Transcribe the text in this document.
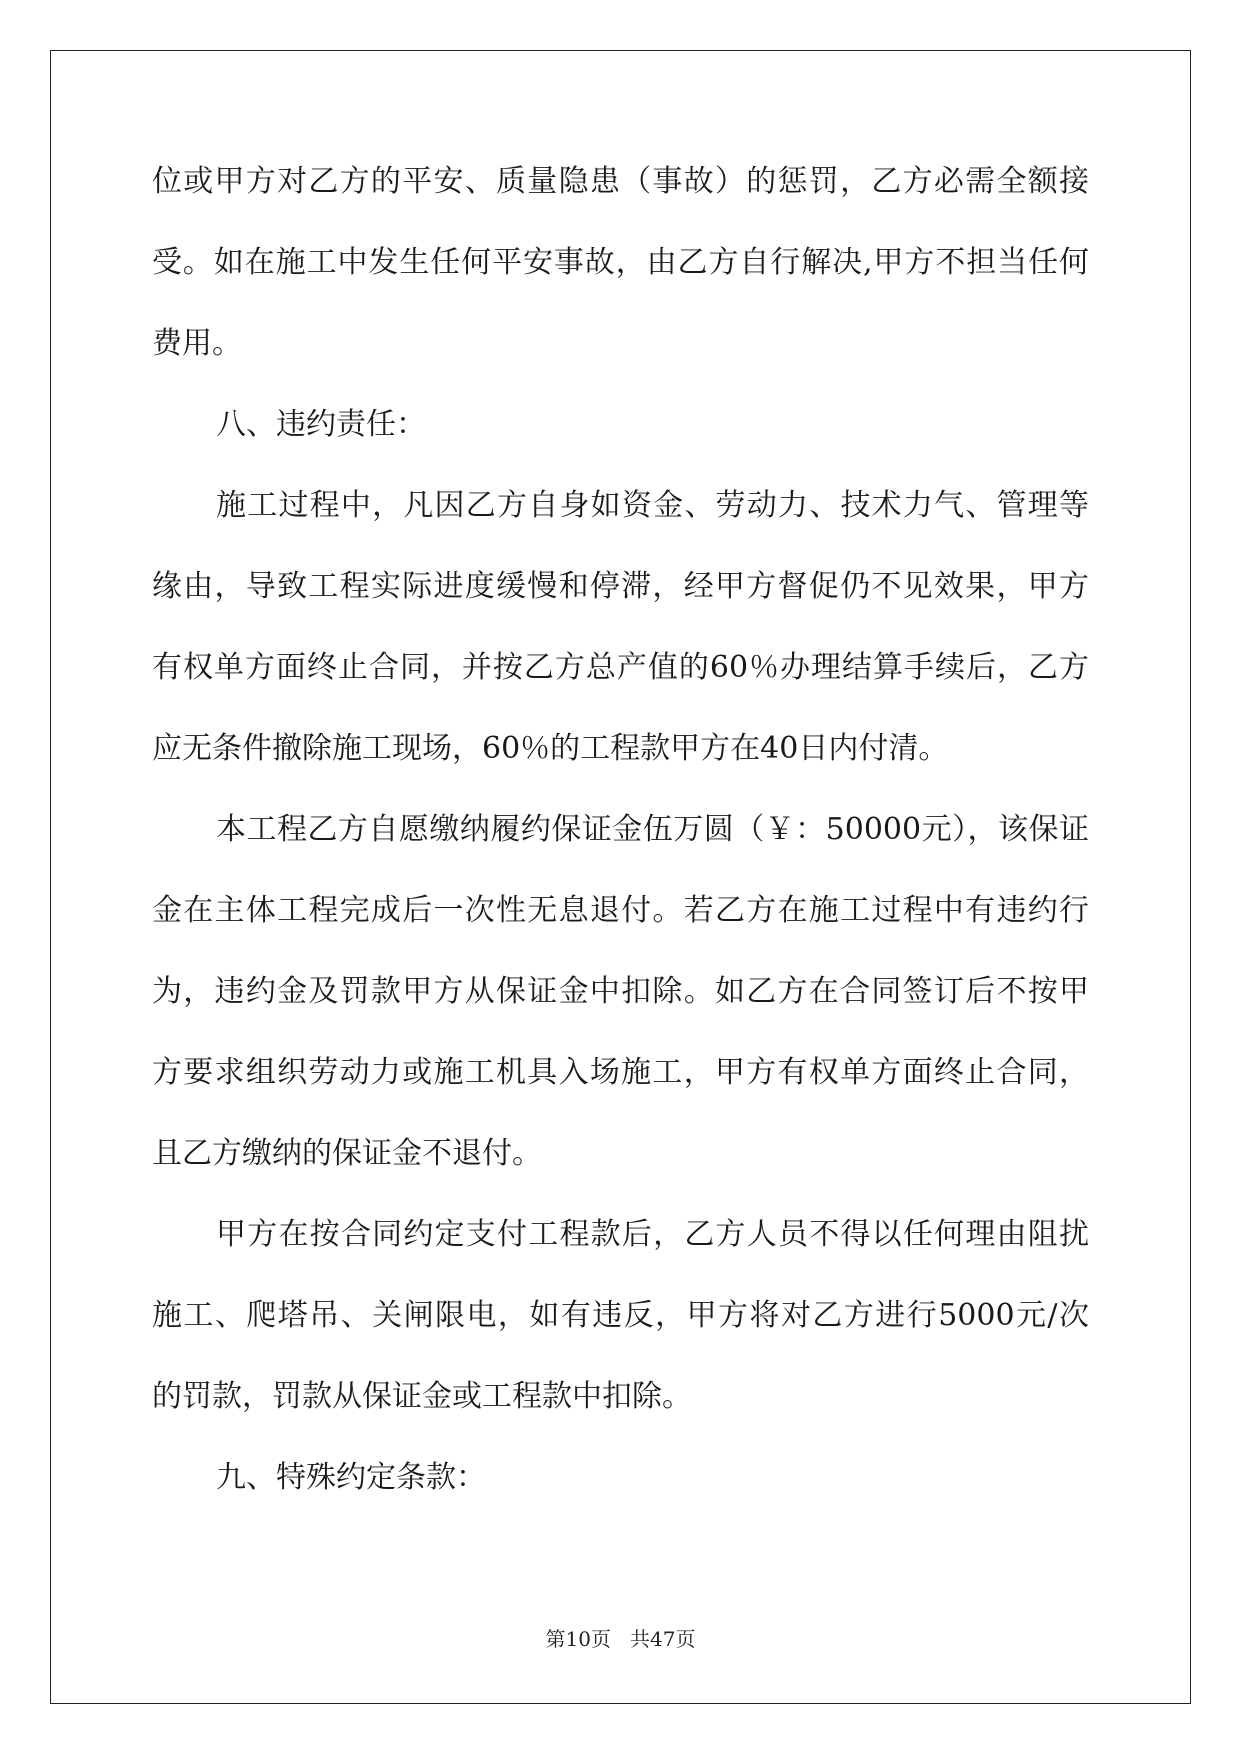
位或甲方对乙方的平安、质量隐患（事故）的惩罚，乙方必需全额接
受。如在施工中发生任何平安事故，由乙方自行解决,甲方不担当任何
费用。
八、违约责任：
施工过程中，凡因乙方自身如资金、劳动力、技术力气、管理等
缘由，导致工程实际进度缓慢和停滞，经甲方督促仍不见效果，甲方
有权单方面终止合同，并按乙方总产值的60％办理结算手续后，乙方
应无条件撤除施工现场，60％的工程款甲方在40日内付清。
本工程乙方自愿缴纳履约保证金伍万圆（￥：50000元），该保证
金在主体工程完成后一次性无息退付。若乙方在施工过程中有违约行
为，违约金及罚款甲方从保证金中扣除。如乙方在合同签订后不按甲
方要求组织劳动力或施工机具入场施工，甲方有权单方面终止合同，
且乙方缴纳的保证金不退付。
甲方在按合同约定支付工程款后，乙方人员不得以任何理由阻扰
施工、爬塔吊、关闸限电，如有违反，甲方将对乙方进行5000元/次
的罚款，罚款从保证金或工程款中扣除。
九、特殊约定条款：
第10页   共47页
